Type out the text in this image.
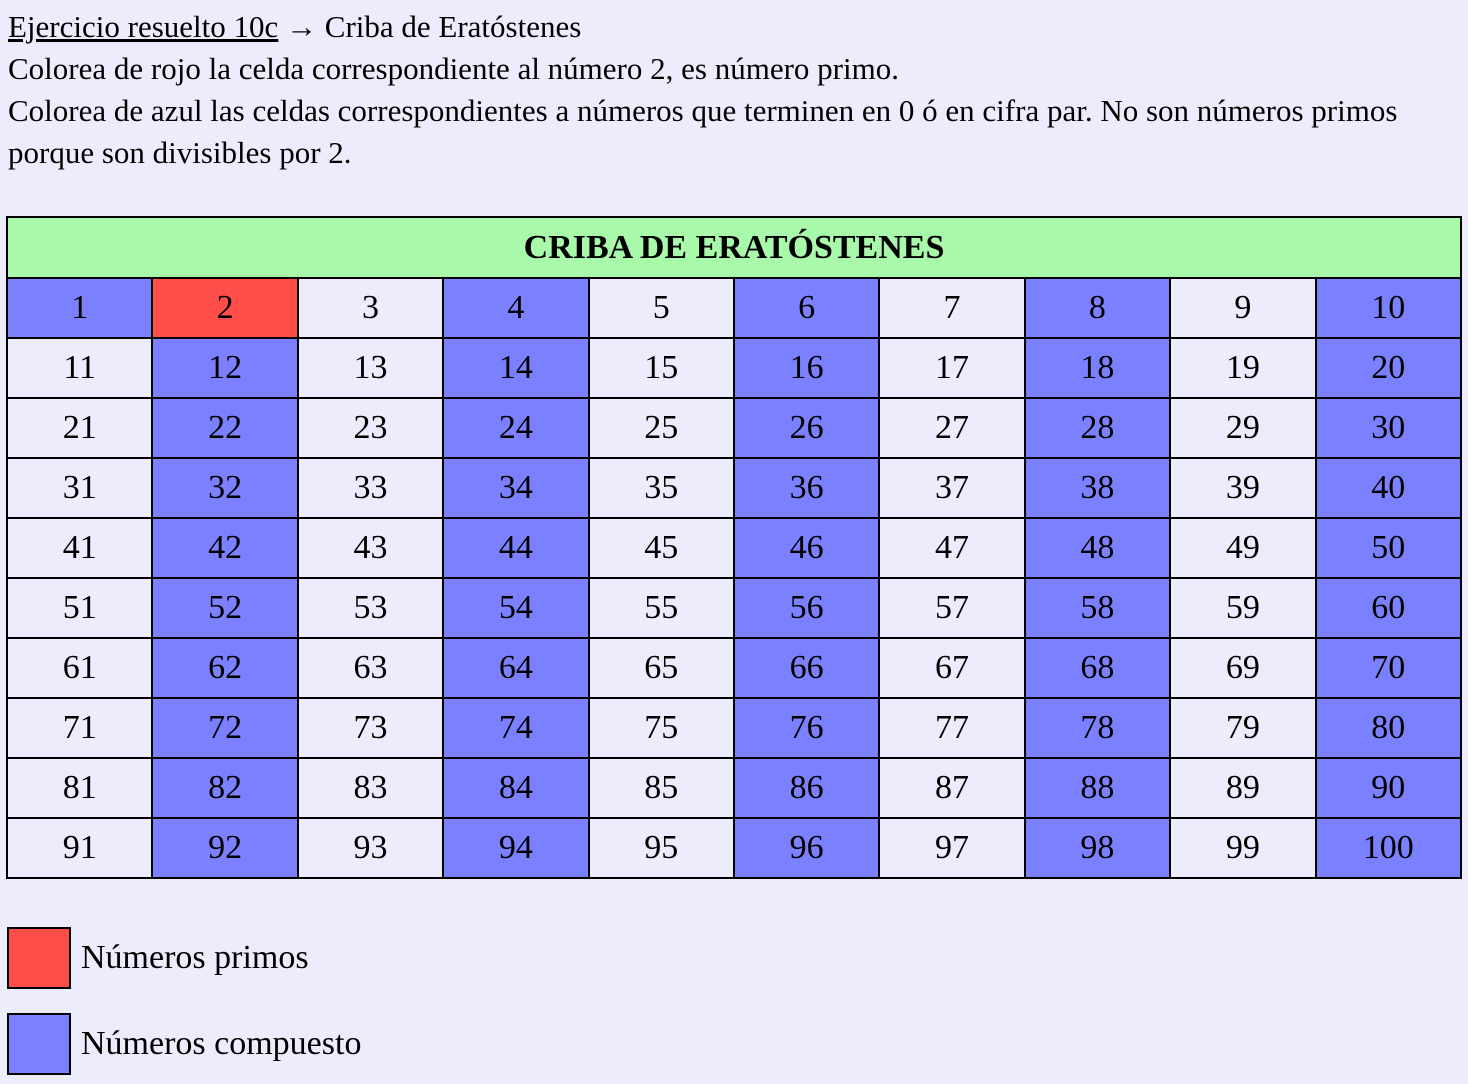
Ejercicio resuelto 10c → Criba de Eratóstenes

Colorea de rojo la celda correspondiente al número 2, es número primo.

Colorea de azul las celdas correspondientes a números que terminen en 0 ó en cifra par. No son números primos porque son divisibles por 2.

CRIBA DE ERATÓSTENES									
1	2	3	4	5	6	7	8	9	10
11	12	13	14	15	16	17	18	19	20
21	22	23	24	25	26	27	28	29	30
31	32	33	34	35	36	37	38	39	40
41	42	43	44	45	46	47	48	49	50
51	52	53	54	55	56	57	58	59	60
61	62	63	64	65	66	67	68	69	70
71	72	73	74	75	76	77	78	79	80
81	82	83	84	85	86	87	88	89	90
91	92	93	94	95	96	97	98	99	100
Números primos
Números compuesto
